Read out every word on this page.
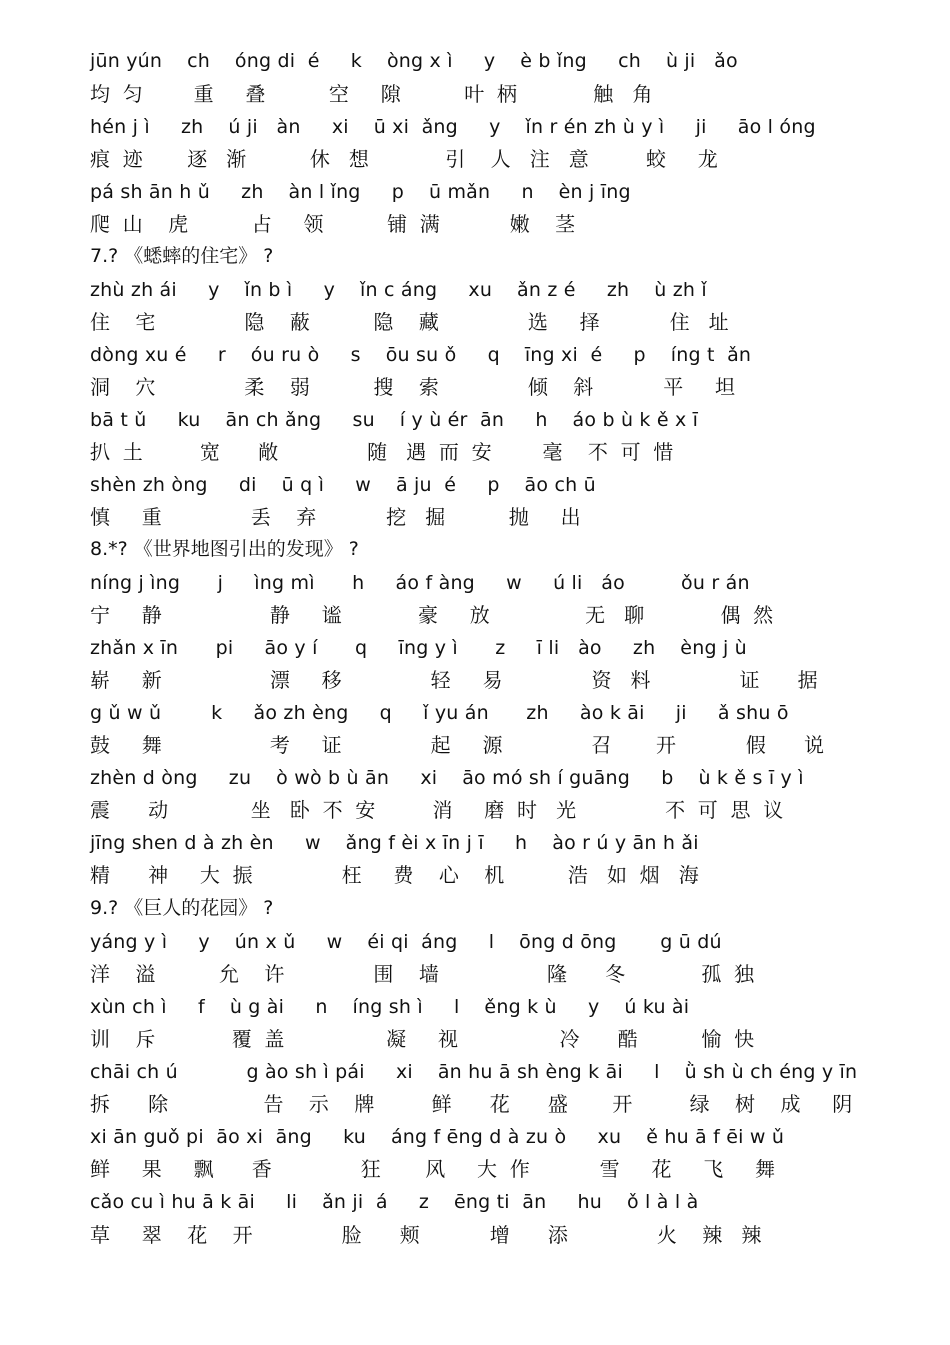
jūn yún    ch    óng di  é     k    òng x ì     y    è b ǐng     ch    ù ji   ǎo
均  匀        重     叠          空     隙          叶  柄            触   角
hén j ì     zh    ú ji   àn     xi    ū xi  ǎng     y    ǐn r én zh ù y ì     ji     āo l óng
痕  迹       逐   渐          休   想            引    人   注   意         蛟     龙
pá sh ān h ǔ     zh    àn l ǐng     p    ū mǎn     n    èn j īng
爬  山    虎          占     领          铺  满           嫩    茎
7.? 《蟋蟀的住宅》 ?
zhù zh ái     y    ǐn b ì     y    ǐn c áng     xu    ǎn z é     zh    ù zh ǐ
住    宅              隐    蔽          隐    藏              选     择           住   址
dòng xu é     r    óu ru ò     s    ōu su ǒ     q    īng xi  é     p    íng t  ǎn
洞    穴              柔    弱          搜    索              倾    斜           平     坦
bā t ǔ     ku    ān ch ǎng     su    í y ù ér  ān     h    áo b ù k ě x ī
扒  土         宽      敞              随   遇  而  安        毫    不  可  惜
shèn zh òng     di    ū q ì     w    ā ju  é     p    āo ch ū
慎     重              丢    弃           挖   掘          抛     出
8.*? 《世界地图引出的发现》 ?
níng j ìng      j     ìng mì      h     áo f àng     w     ú li   áo         ǒu r án
宁     静                 静     谧            豪     放               无   聊            偶  然
zhǎn x īn      pi     āo y í      q     īng y ì      z     ī li   ào     zh    èng j ù
崭     新                 漂     移              轻     易              资   料              证      据
g ǔ w ǔ        k     ǎo zh èng     q     ǐ yu án      zh     ào k āi     ji     ǎ shu ō
鼓     舞                 考     证              起     源              召       开           假      说
zhèn d òng     zu    ò wò b ù ān     xi    āo mó sh í guāng     b    ù k ě s ī y ì
震      动             坐   卧  不  安         消     磨  时   光              不  可  思  议
jīng shen d à zh èn     w    ǎng f èi x īn j ī     h    ào r ú y ān h ǎi
精      神     大  振              枉     费    心    机          浩   如  烟   海
9.? 《巨人的花园》 ?
yáng y ì     y    ún x ǔ     w    éi qi  áng     l    ōng d ōng       g ū dú
洋    溢          允    许              围    墙                 隆      冬            孤  独
xùn ch ì     f    ù g ài     n    íng sh ì     l    ěng k ù     y    ú ku ài
训    斥            覆  盖                凝     视                冷      酷          愉  快
chāi ch ú           g ào sh ì pái     xi    ān hu ā sh èng k āi     l    ǜ sh ù ch éng y īn
拆      除               告    示    牌         鲜      花      盛       开         绿    树    成     阴
xi ān guǒ pi  āo xi  āng     ku    áng f ēng d à zu ò     xu    ě hu ā f ēi w ǔ
鲜     果     飘      香              狂       风     大  作           雪     花     飞     舞
cǎo cu ì hu ā k āi     li    ǎn ji  á     z    ēng ti  ān     hu    ǒ l à l à
草     翠    花    开              脸      颊           增      添              火    辣   辣
